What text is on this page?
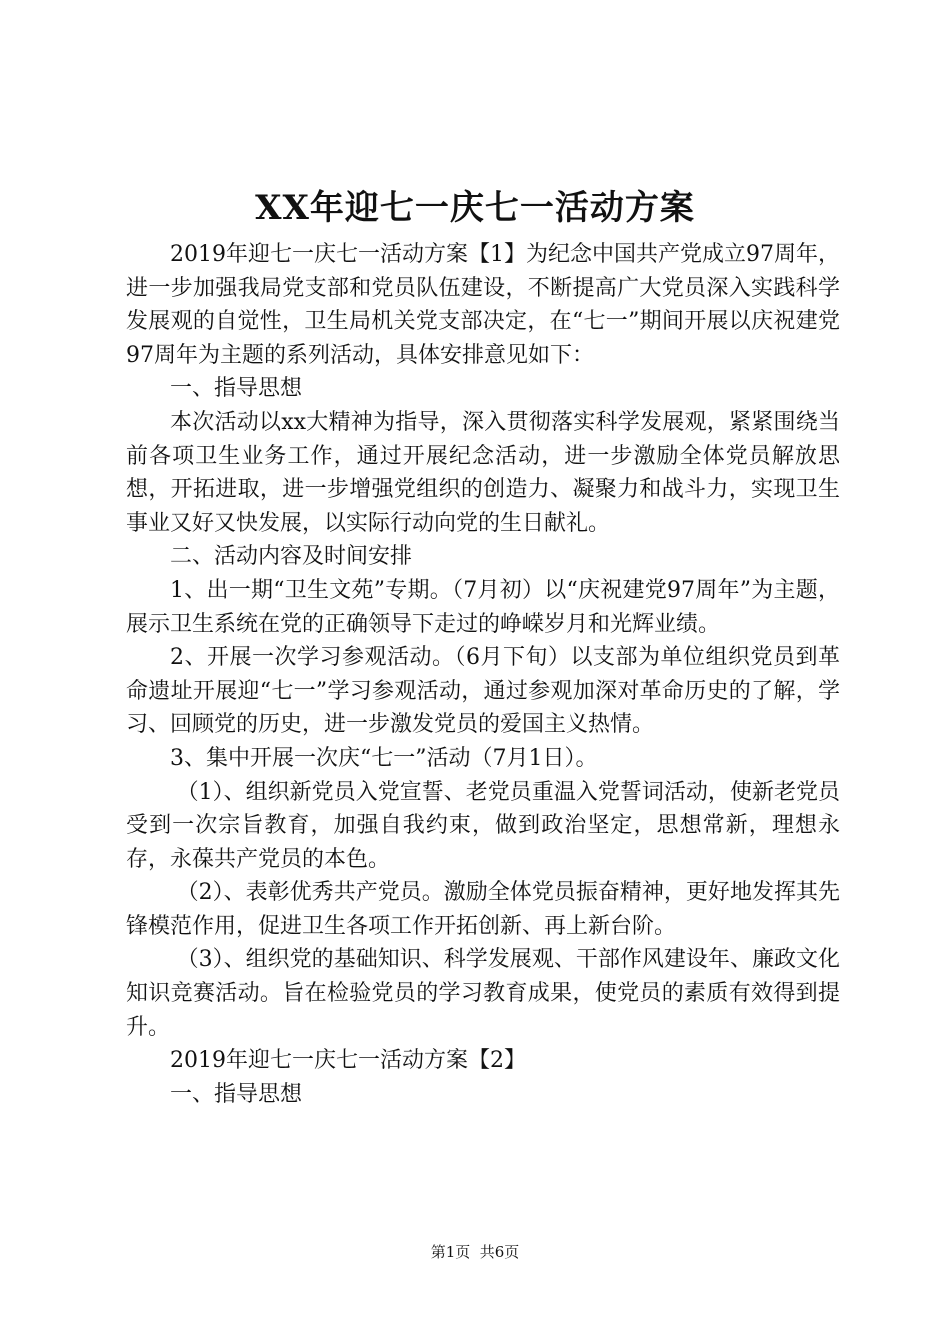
XX年迎七一庆七一活动方案

2019年迎七一庆七一活动方案【1】为纪念中国共产党成立97周年，进一步加强我局党支部和党员队伍建设，不断提高广大党员深入实践科学发展观的自觉性，卫生局机关党支部决定，在“七一”期间开展以庆祝建党97周年为主题的系列活动，具体安排意见如下：

一、指导思想

本次活动以xx大精神为指导，深入贯彻落实科学发展观，紧紧围绕当前各项卫生业务工作，通过开展纪念活动，进一步激励全体党员解放思想，开拓进取，进一步增强党组织的创造力、凝聚力和战斗力，实现卫生事业又好又快发展，以实际行动向党的生日献礼。

二、活动内容及时间安排

1、出一期“卫生文苑”专期。（7月初）以“庆祝建党97周年”为主题，展示卫生系统在党的正确领导下走过的峥嵘岁月和光辉业绩。

2、开展一次学习参观活动。（6月下旬）以支部为单位组织党员到革命遗址开展迎“七一”学习参观活动，通过参观加深对革命历史的了解，学习、回顾党的历史，进一步激发党员的爱国主义热情。

3、集中开展一次庆“七一”活动（7月1日）。

（1）、组织新党员入党宣誓、老党员重温入党誓词活动，使新老党员受到一次宗旨教育，加强自我约束，做到政治坚定，思想常新，理想永存，永葆共产党员的本色。

（2）、表彰优秀共产党员。激励全体党员振奋精神，更好地发挥其先锋模范作用，促进卫生各项工作开拓创新、再上新台阶。

（3）、组织党的基础知识、科学发展观、干部作风建设年、廉政文化知识竞赛活动。旨在检验党员的学习教育成果，使党员的素质有效得到提升。

2019年迎七一庆七一活动方案【2】

一、指导思想

第1页  共6页
